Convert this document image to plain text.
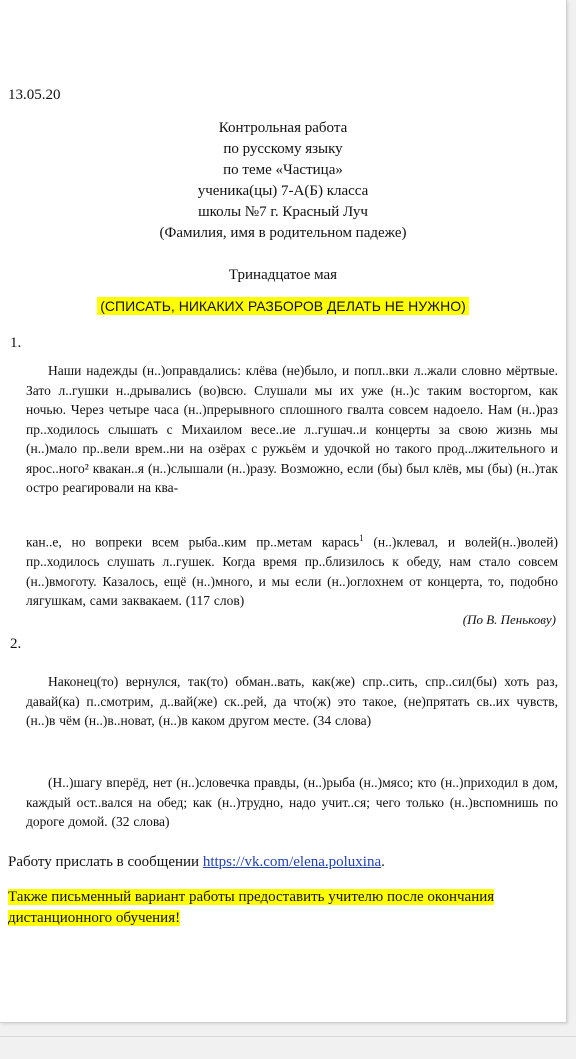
13.05.20
Контрольная работа
по русскому языку
по теме «Частица»
ученика(цы) 7-А(Б) класса
школы №7 г. Красный Луч
(Фамилия, имя в родительном падеже)
Тринадцатое мая
(СПИСАТЬ, НИКАКИХ РАЗБОРОВ ДЕЛАТЬ НЕ НУЖНО)
1.
Наши надежды (н..)оправдались: клёва (не)было, и попл..вки л..жали словно мёртвые. Зато л..гушки н..дрывались (во)всю. Слушали мы их уже (н..)с таким восторгом, как ночью. Через четыре часа (н..)прерывного сплошного гвалта совсем надоело. Нам (н..)раз пр..ходилось слышать с Михаилом весе..ие л..гушач..и концерты за свою жизнь мы (н..)мало пр..вели врем..ни на озёрах с ружьём и удочкой но такого прод..лжительного и ярос..ного² квакан..я (н..)слышали (н..)разу. Возможно, если (бы) был клёв, мы (бы) (н..)так остро реагировали на ква-
кан..е, но вопреки всем рыба..ким пр..метам карась$^1$ (н..)клевал, и волей(н..)волей) пр..ходилось слушать л..гушек. Когда время пр..близилось к обеду, нам стало совсем (н..)вмоготу. Казалось, ещё (н..)много, и мы если (н..)оглохнем от концерта, то, подобно лягушкам, сами заквакаем. (117 слов)
(По В. Пенькову)
2.
Наконец(то) вернулся, так(то) обман..вать, как(же) спр..сить, спр..сил(бы) хоть раз, давай(ка) п..смотрим, д..вай(же) ск..рей, да что(ж) это такое, (не)прятать св..их чувств, (н..)в чём (н..)в..новат, (н..)в каком другом месте. (34 слова)
(Н..)шагу вперёд, нет (н..)словечка правды, (н..)рыба (н..)мясо; кто (н..)приходил в дом, каждый ост..вался на обед; как (н..)трудно, надо учит..ся; чего только (н..)вспомнишь по дороге домой. (32 слова)
Работу прислать в сообщении https://vk.com/elena.poluxina.
Также письменный вариант работы предоставить учителю после окончания дистанционного обучения!
